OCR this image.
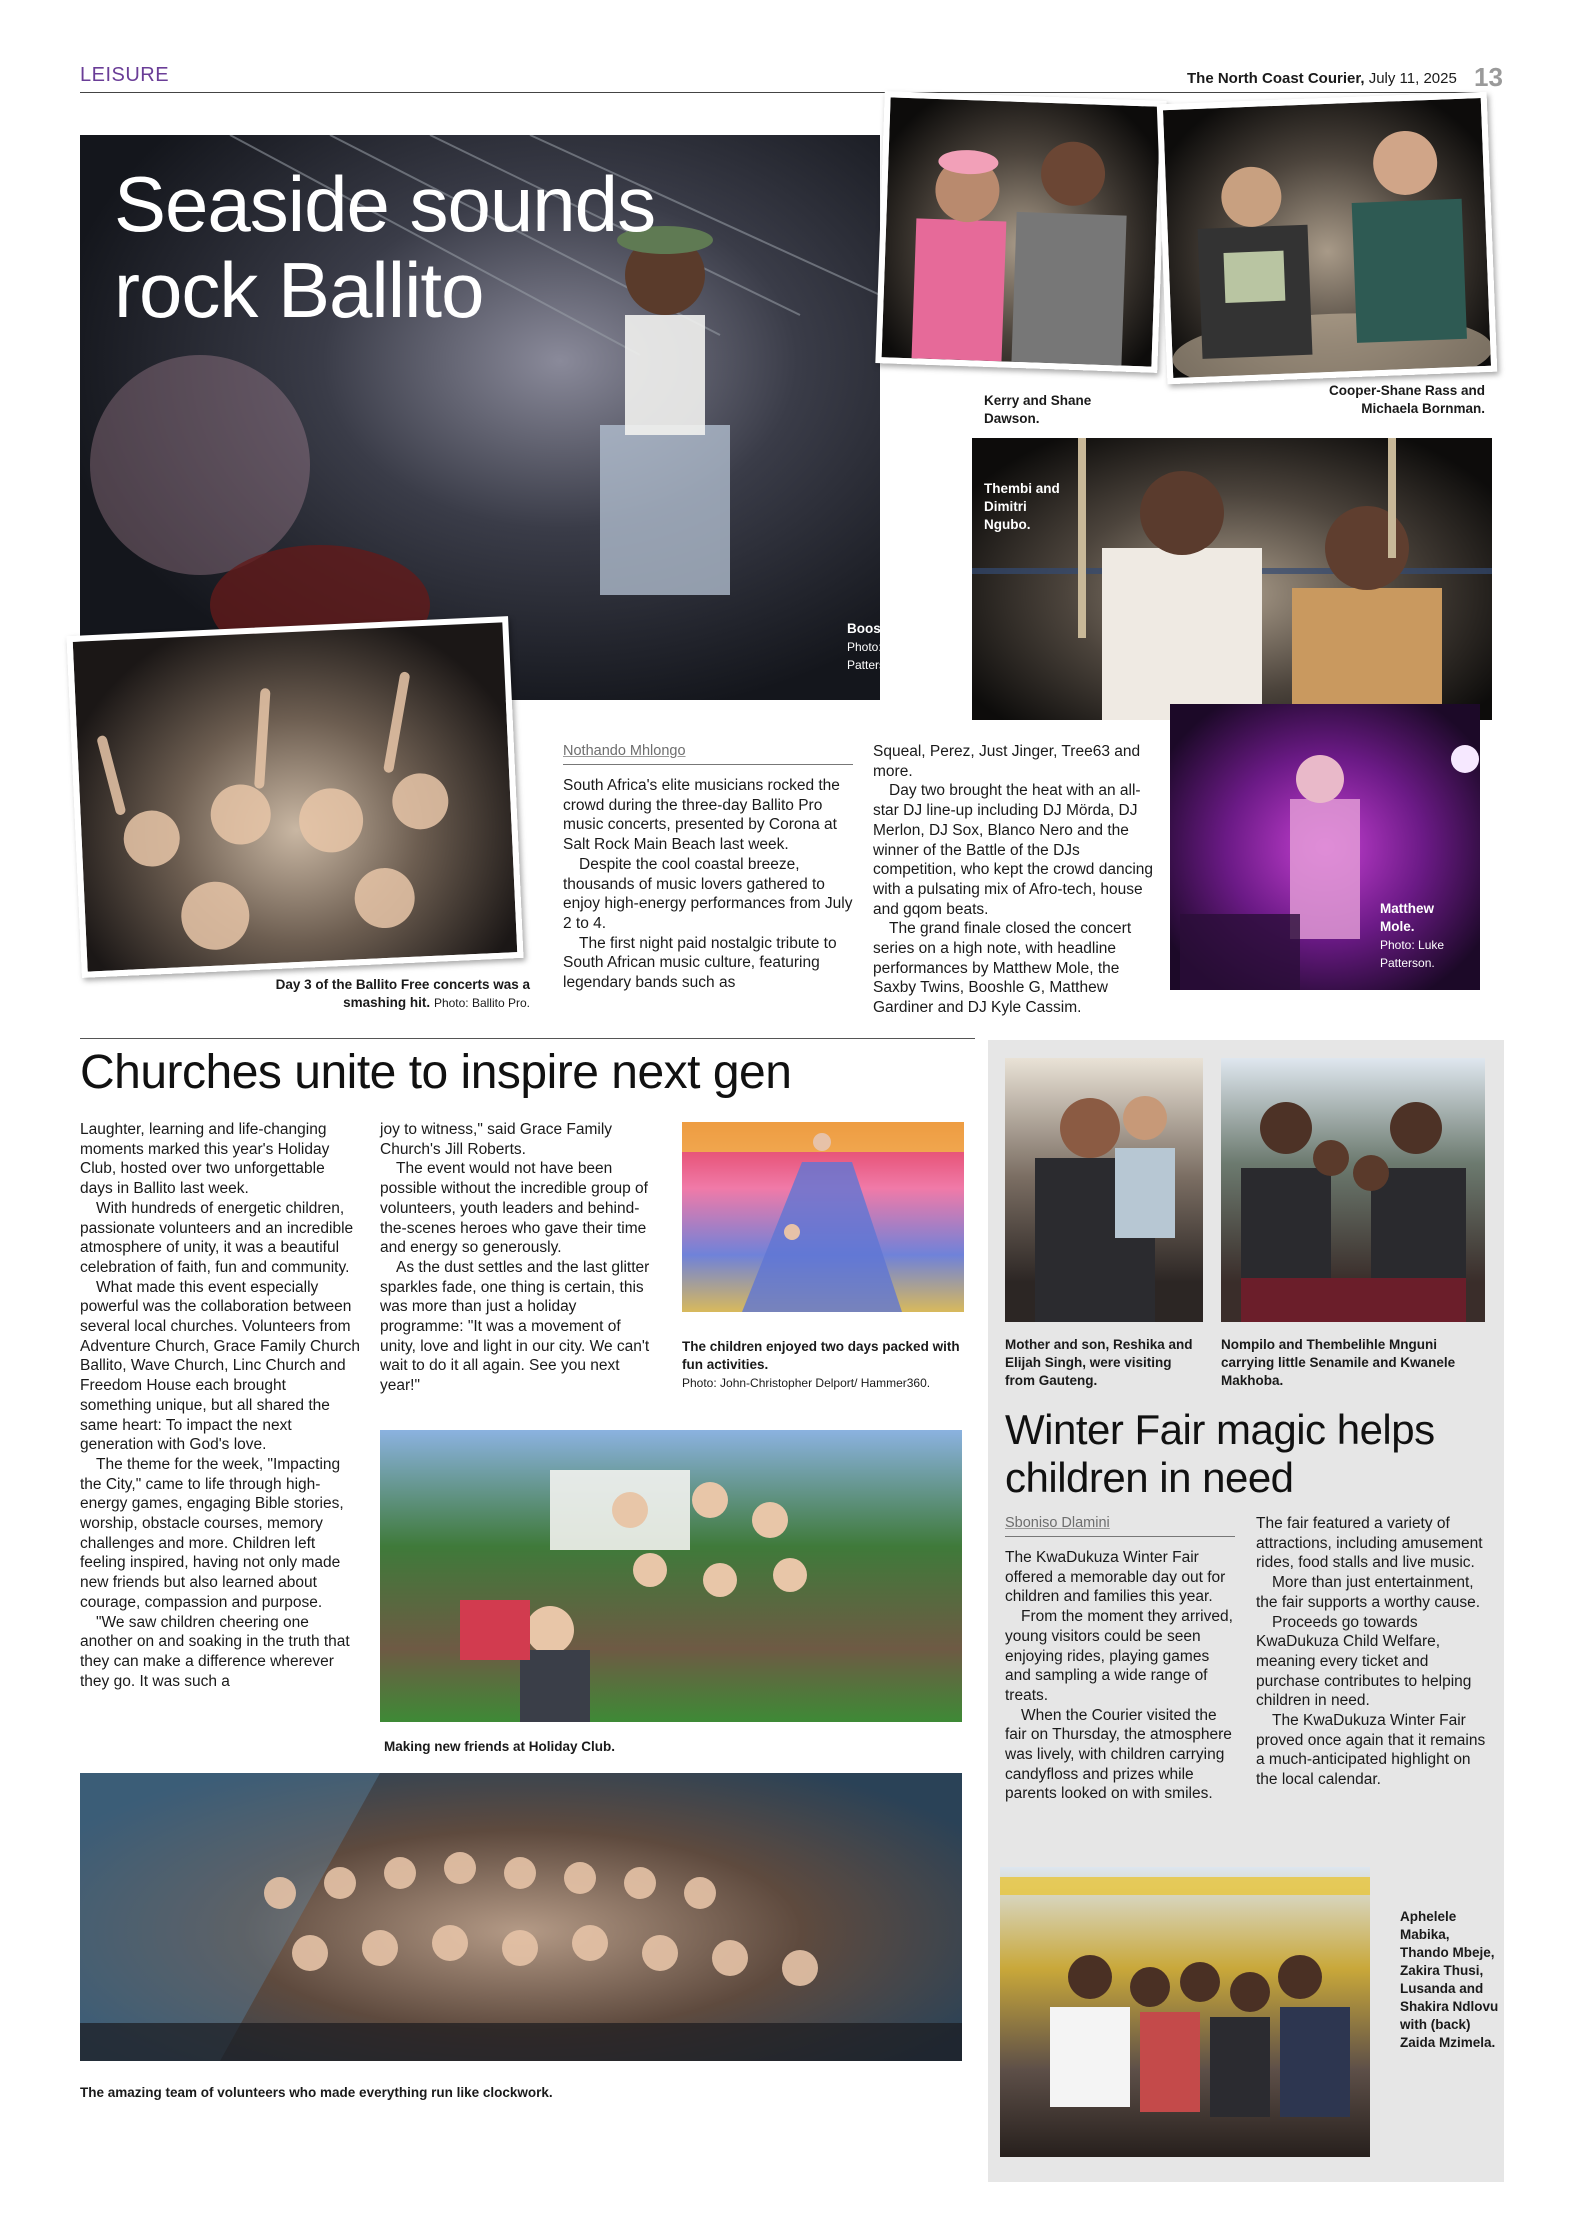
LEISURE	The North Coast Courier, July 11, 2025 13
Seaside sounds
rock Ballito
Booshle G.
Photo: Luke Patterson.
Day 3 of the Ballito Free concerts was a smashing hit. Photo: Ballito Pro.
Nothando Mhlongo

South Africa's elite musicians rocked the crowd during the three-day Ballito Pro music concerts, presented by Corona at Salt Rock Main Beach last week.

Despite the cool coastal breeze, thousands of music lovers gathered to enjoy high-energy performances from July 2 to 4.

The first night paid nostalgic tribute to South African music culture, featuring legendary bands such as

Squeal, Perez, Just Jinger, Tree63 and more.

Day two brought the heat with an all-star DJ line-up including DJ Mörda, DJ Merlon, DJ Sox, Blanco Nero and the winner of the Battle of the DJs competition, who kept the crowd dancing with a pulsating mix of Afro-tech, house and gqom beats.

The grand finale closed the concert series on a high note, with headline performances by Matthew Mole, the Saxby Twins, Booshle G, Matthew Gardiner and DJ Kyle Cassim.

Kerry and Shane Dawson.
Cooper-Shane Rass and Michaela Bornman.
Thembi and Dimitri Ngubo.
Matthew Mole.
Photo: Luke Patterson.
Churches unite to inspire next gen

Laughter, learning and life-changing moments marked this year's Holiday Club, hosted over two unforgettable days in Ballito last week.

With hundreds of energetic children, passionate volunteers and an incredible atmosphere of unity, it was a beautiful celebration of faith, fun and community.

What made this event especially powerful was the collaboration between several local churches. Volunteers from Adventure Church, Grace Family Church Ballito, Wave Church, Linc Church and Freedom House each brought something unique, but all shared the same heart: To impact the next generation with God's love.

The theme for the week, "Impacting the City," came to life through high-energy games, engaging Bible stories, worship, obstacle courses, memory challenges and more. Children left feeling inspired, having not only made new friends but also learned about courage, compassion and purpose.

"We saw children cheering one another on and soaking in the truth that they can make a difference wherever they go. It was such a

joy to witness," said Grace Family Church's Jill Roberts.

The event would not have been possible without the incredible group of volunteers, youth leaders and behind-the-scenes heroes who gave their time and energy so generously.

As the dust settles and the last glitter sparkles fade, one thing is certain, this was more than just a holiday programme: "It was a movement of unity, love and light in our city. We can't wait to do it all again. See you next year!"

The children enjoyed two days packed with fun activities.
Photo: John-Christopher Delport/ Hammer360.
Making new friends at Holiday Club.
The amazing team of volunteers who made everything run like clockwork.
Mother and son, Reshika and Elijah Singh, were visiting from Gauteng.
Nompilo and Thembelihle Mnguni carrying little Senamile and Kwanele Makhoba.
Winter Fair magic helps
children in need
Sboniso Dlamini

The KwaDukuza Winter Fair offered a memorable day out for children and families this year.

From the moment they arrived, young visitors could be seen enjoying rides, playing games and sampling a wide range of treats.

When the Courier visited the fair on Thursday, the atmosphere was lively, with children carrying candyfloss and prizes while parents looked on with smiles.

The fair featured a variety of attractions, including amusement rides, food stalls and live music.

More than just entertainment, the fair supports a worthy cause.

Proceeds go towards KwaDukuza Child Welfare, meaning every ticket and purchase contributes to helping children in need.

The KwaDukuza Winter Fair proved once again that it remains a much-anticipated highlight on the local calendar.

Aphelele Mabika, Thando Mbeje, Zakira Thusi, Lusanda and Shakira Ndlovu with (back) Zaida Mzimela.
